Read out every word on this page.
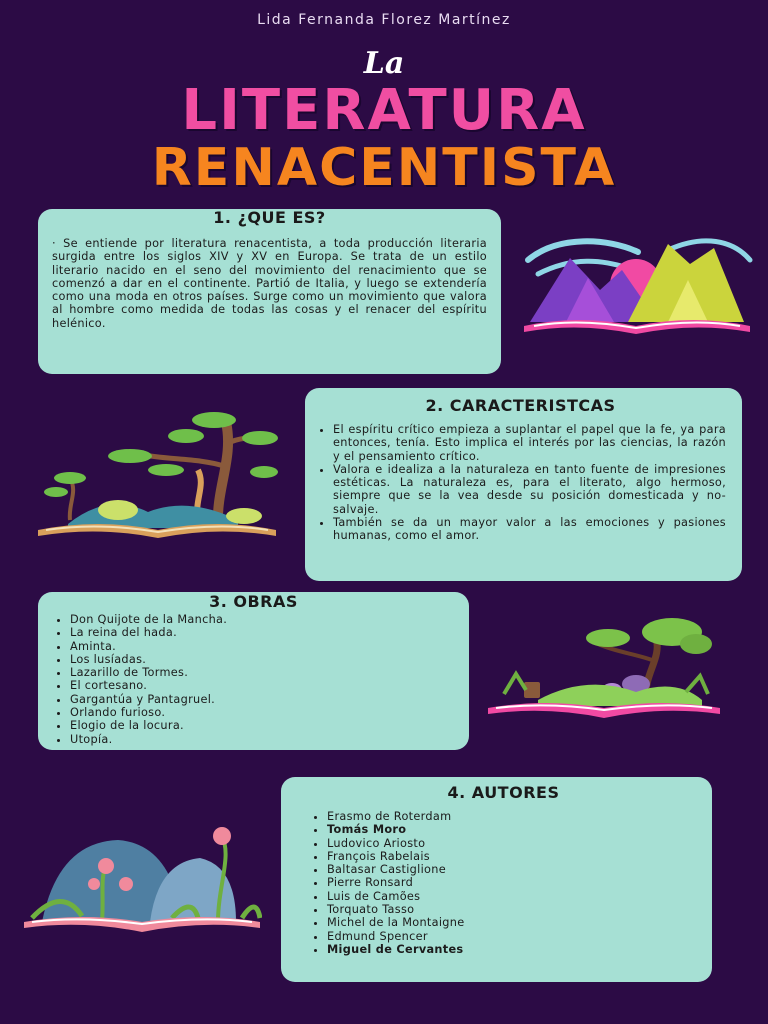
Lida Fernanda Florez Martínez
La
LITERATURA
RENACENTISTA
1. ¿QUE ES?

· Se entiende por literatura renacentista, a toda producción literaria surgida entre los siglos XIV y XV en Europa. Se trata de un estilo literario nacido en el seno del movimiento del renacimiento que se comenzó a dar en el continente. Partió de Italia, y luego se extendería como una moda en otros países. Surge como un movimiento que valora al hombre como medida de todas las cosas y el renacer del espíritu helénico.

2. CARACTERISTCAS
• El espíritu crítico empieza a suplantar el papel que la fe, ya para entonces, tenía. Esto implica el interés por las ciencias, la razón y el pensamiento crítico.
• Valora e idealiza a la naturaleza en tanto fuente de impresiones estéticas. La naturaleza es, para el literato, algo hermoso, siempre que se la vea desde su posición domesticada y no-salvaje.
• También se da un mayor valor a las emociones y pasiones humanas, como el amor.
3. OBRAS
• Don Quijote de la Mancha.
• La reina del hada.
• Aminta.
• Los lusíadas.
• Lazarillo de Tormes.
• El cortesano.
• Gargantúa y Pantagruel.
• Orlando furioso.
• Elogio de la locura.
• Utopía.
4. AUTORES
• Erasmo de Roterdam
• Tomás Moro
• Ludovico Ariosto
• François Rabelais
• Baltasar Castiglione
• Pierre Ronsard
• Luis de Camões
• Torquato Tasso
• Michel de la Montaigne
• Edmund Spencer
• Miguel de Cervantes
